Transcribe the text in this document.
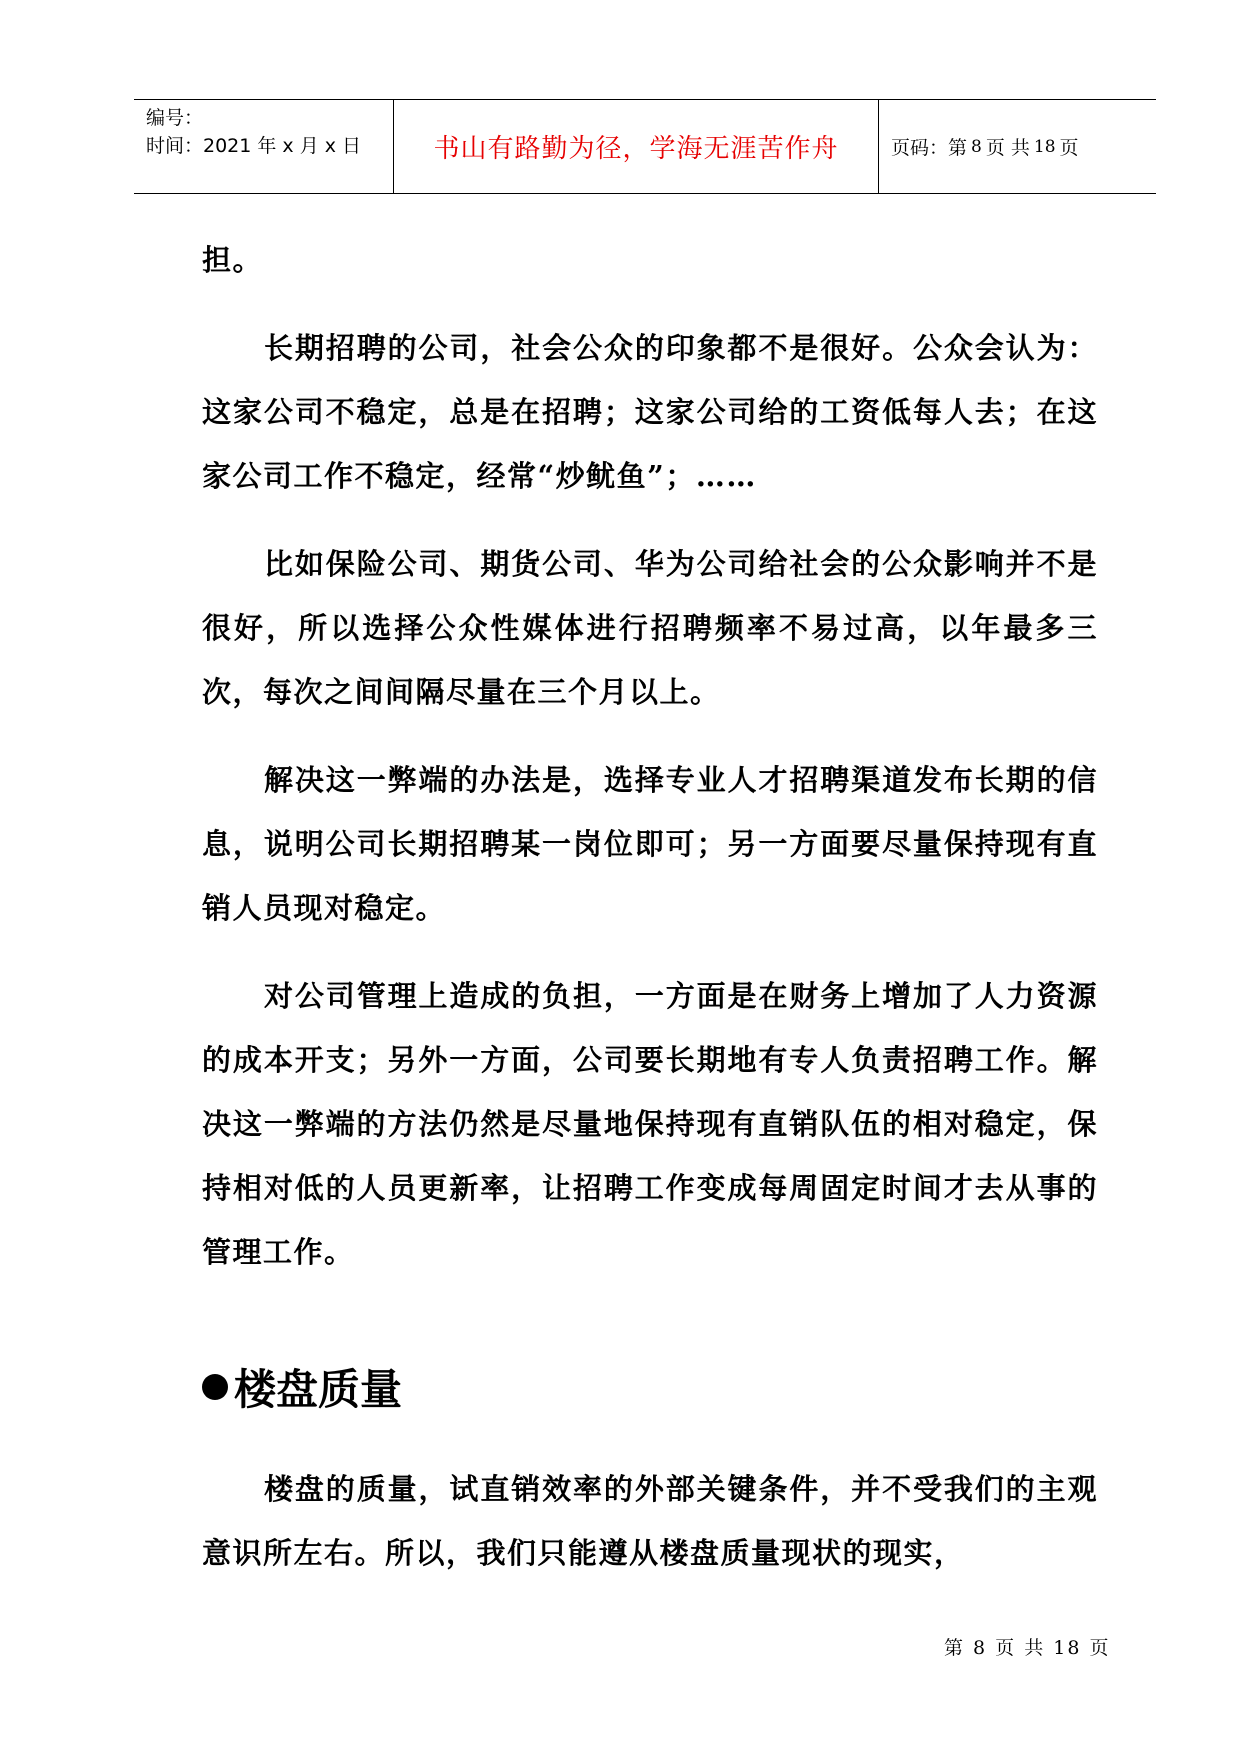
编号：
时间：2021 年 x 月 x 日	书山有路勤为径，学海无涯苦作舟	页码：第 8 页 共 18 页

担。

长期招聘的公司，社会公众的印象都不是很好。公众会认为：这家公司不稳定，总是在招聘；这家公司给的工资低每人去；在这家公司工作不稳定，经常“炒鱿鱼”；……

比如保险公司、期货公司、华为公司给社会的公众影响并不是很好，所以选择公众性媒体进行招聘频率不易过高，以年最多三次，每次之间间隔尽量在三个月以上。

解决这一弊端的办法是，选择专业人才招聘渠道发布长期的信息，说明公司长期招聘某一岗位即可；另一方面要尽量保持现有直销人员现对稳定。

对公司管理上造成的负担，一方面是在财务上增加了人力资源的成本开支；另外一方面，公司要长期地有专人负责招聘工作。解决这一弊端的方法仍然是尽量地保持现有直销队伍的相对稳定，保持相对低的人员更新率，让招聘工作变成每周固定时间才去从事的管理工作。

楼盘质量

楼盘的质量，试直销效率的外部关键条件，并不受我们的主观意识所左右。所以，我们只能遵从楼盘质量现状的现实，

第 8 页 共 18 页
